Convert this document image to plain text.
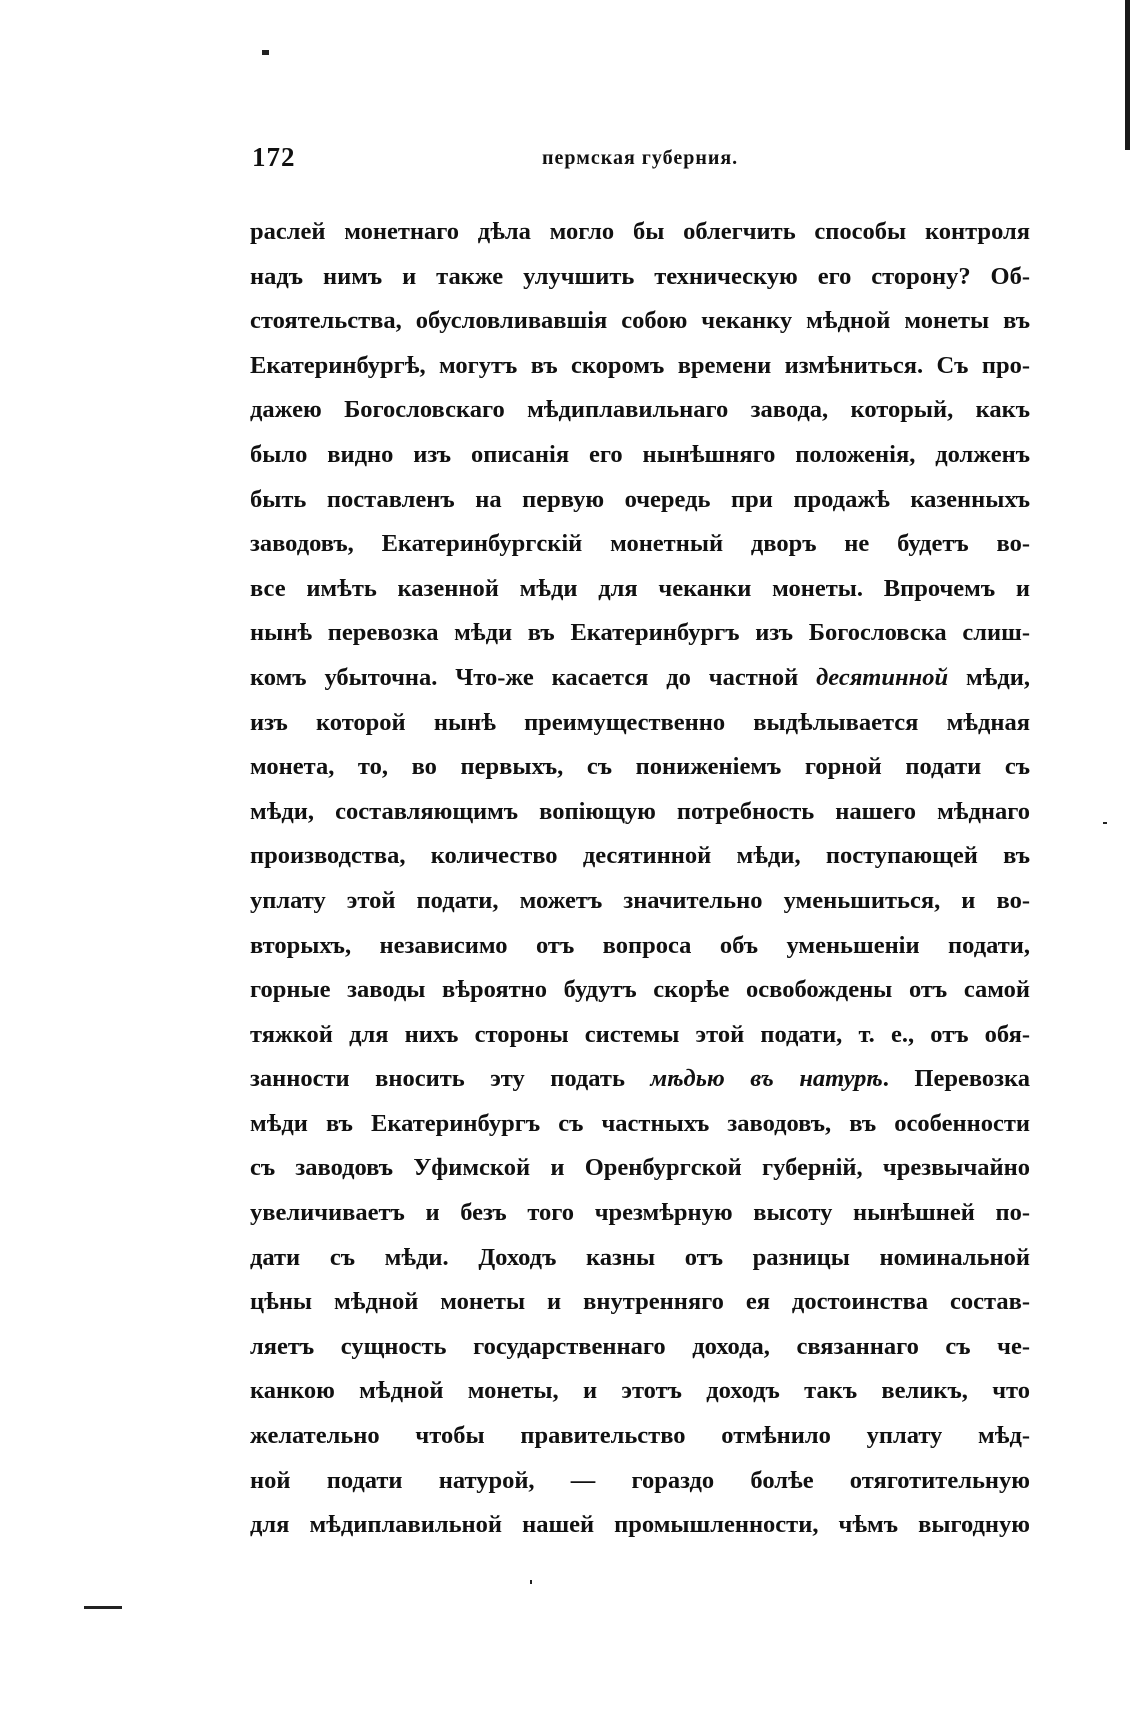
172	пермская губерния.
раслей монетнаго дѣла могло бы облегчить способы контроля
надъ нимъ и также улучшить техническую его сторону? Об-
стоятельства, обусловливавшія собою чеканку мѣдной монеты въ
Екатеринбургѣ, могутъ въ скоромъ времени измѣниться. Съ про-
дажею Богословскаго мѣдиплавильнаго завода, который, какъ
было видно изъ описанія его нынѣшняго положенія, долженъ
быть поставленъ на первую очередь при продажѣ казенныхъ
заводовъ, Екатеринбургскій монетный дворъ не будетъ во-
все имѣть казенной мѣди для чеканки монеты. Впрочемъ и
нынѣ перевозка мѣди въ Екатеринбургъ изъ Богословска слиш-
комъ убыточна. Что-же касается до частной десятинной мѣди,
изъ которой нынѣ преимущественно выдѣлывается мѣдная
монета, то, во первыхъ, съ пониженіемъ горной подати съ
мѣди, составляющимъ вопіющую потребность нашего мѣднаго
производства, количество десятинной мѣди, поступающей въ
уплату этой подати, можетъ значительно уменьшиться, и во-
вторыхъ, независимо отъ вопроса объ уменьшеніи подати,
горные заводы вѣроятно будутъ скорѣе освобождены отъ самой
тяжкой для нихъ стороны системы этой подати, т. е., отъ обя-
занности вносить эту подать мѣдью въ натурѣ. Перевозка
мѣди въ Екатеринбургъ съ частныхъ заводовъ, въ особенности
съ заводовъ Уфимской и Оренбургской губерній, чрезвычайно
увеличиваетъ и безъ того чрезмѣрную высоту нынѣшней по-
дати съ мѣди. Доходъ казны отъ разницы номинальной
цѣны мѣдной монеты и внутренняго ея достоинства состав-
ляетъ сущность государственнаго дохода, связаннаго съ че-
канкою мѣдной монеты, и этотъ доходъ такъ великъ, что
желательно чтобы правительство отмѣнило уплату мѣд-
ной подати натурой, — гораздо болѣе отяготительную
для мѣдиплавильной нашей промышленности, чѣмъ выгодную
